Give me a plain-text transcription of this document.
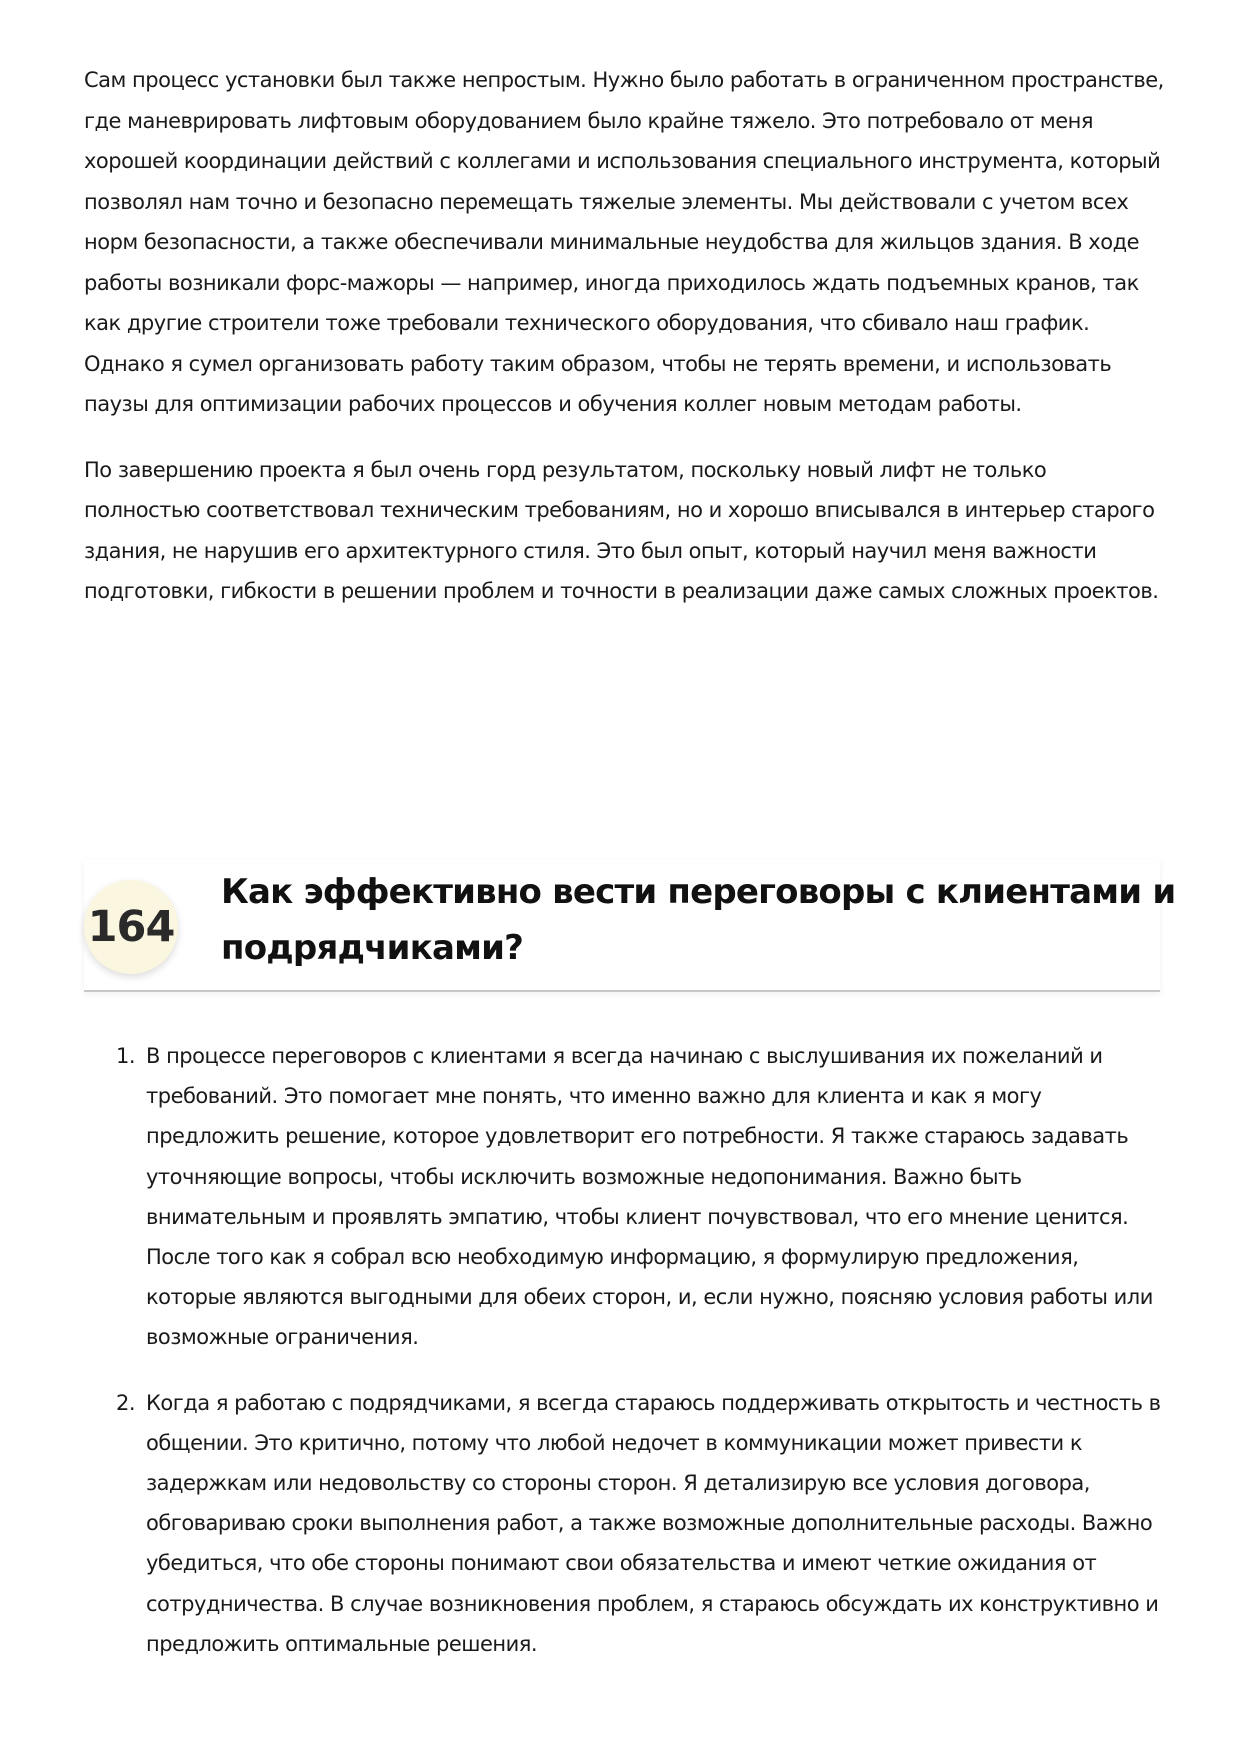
Сам процесс установки был также непростым. Нужно было работать в ограниченном пространстве, где маневрировать лифтовым оборудованием было крайне тяжело. Это потребовало от меня хорошей координации действий с коллегами и использования специального инструмента, который позволял нам точно и безопасно перемещать тяжелые элементы. Мы действовали с учетом всех норм безопасности, а также обеспечивали минимальные неудобства для жильцов здания. В ходе работы возникали форс-мажоры — например, иногда приходилось ждать подъемных кранов, так как другие строители тоже требовали технического оборудования, что сбивало наш график. Однако я сумел организовать работу таким образом, чтобы не терять времени, и использовать паузы для оптимизации рабочих процессов и обучения коллег новым методам работы.

По завершению проекта я был очень горд результатом, поскольку новый лифт не только полностью соответствовал техническим требованиям, но и хорошо вписывался в интерьер старого здания, не нарушив его архитектурного стиля. Это был опыт, который научил меня важности подготовки, гибкости в решении проблем и точности в реализации даже самых сложных проектов.

164
Как эффективно вести переговоры с клиентами и подрядчиками?
1. В процессе переговоров с клиентами я всегда начинаю с выслушивания их пожеланий и требований. Это помогает мне понять, что именно важно для клиента и как я могу предложить решение, которое удовлетворит его потребности. Я также стараюсь задавать уточняющие вопросы, чтобы исключить возможные недопонимания. Важно быть внимательным и проявлять эмпатию, чтобы клиент почувствовал, что его мнение ценится. После того как я собрал всю необходимую информацию, я формулирую предложения, которые являются выгодными для обеих сторон, и, если нужно, поясняю условия работы или возможные ограничения.
2. Когда я работаю с подрядчиками, я всегда стараюсь поддерживать открытость и честность в общении. Это критично, потому что любой недочет в коммуникации может привести к задержкам или недовольству со стороны сторон. Я детализирую все условия договора, обговариваю сроки выполнения работ, а также возможные дополнительные расходы. Важно убедиться, что обе стороны понимают свои обязательства и имеют четкие ожидания от сотрудничества. В случае возникновения проблем, я стараюсь обсуждать их конструктивно и предложить оптимальные решения.
